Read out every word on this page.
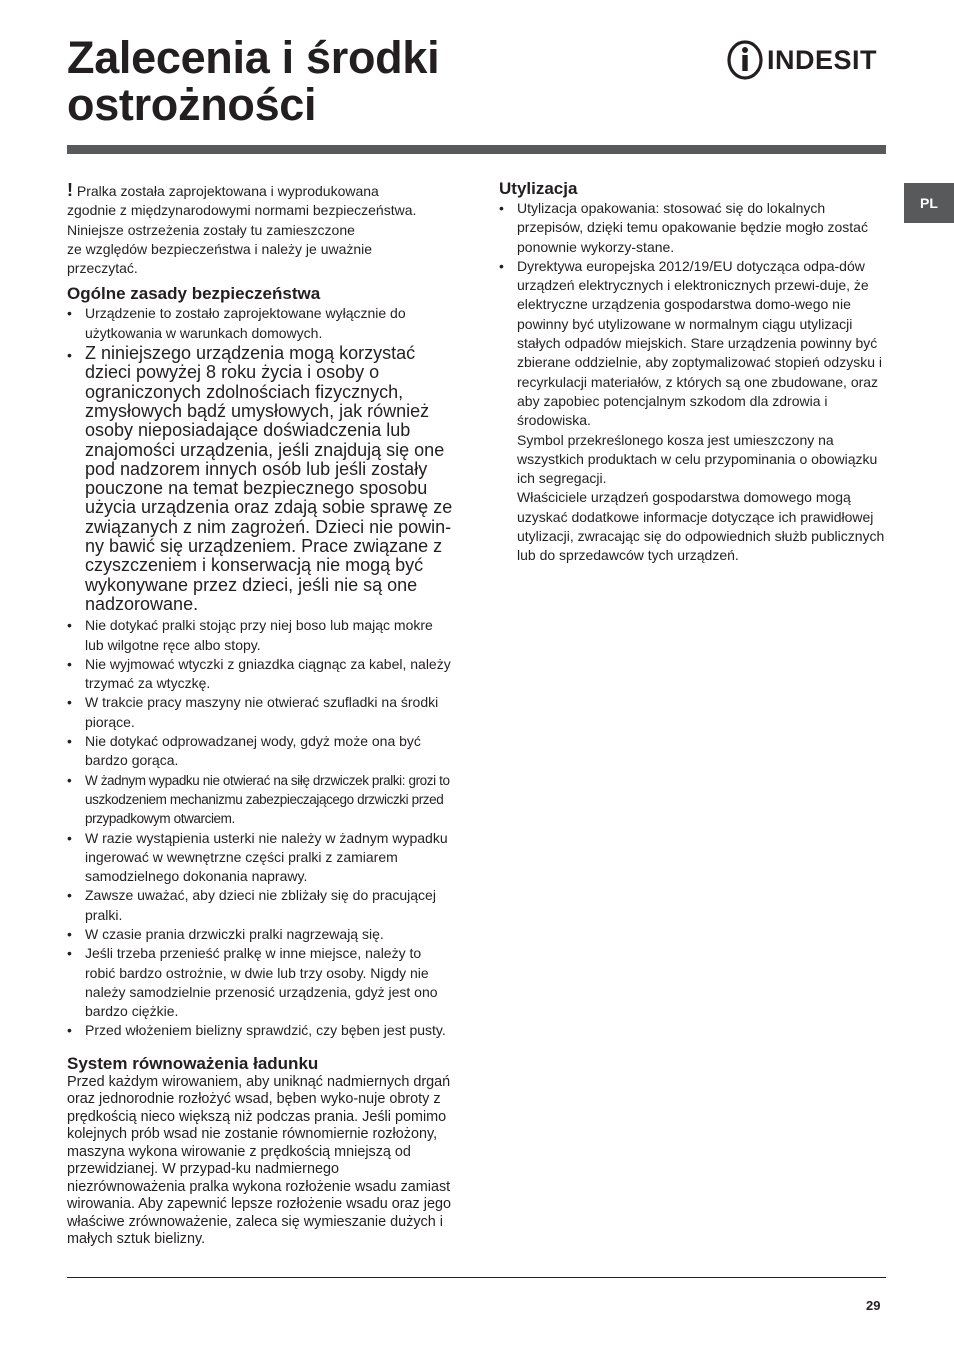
Zalecenia i środki
ostrożności
INDESIT
PL

! Pralka została zaprojektowana i wyprodukowana
zgodnie z międzynarodowymi normami bezpieczeństwa.
Niniejsze ostrzeżenia zostały tu zamieszczone
ze względów bezpieczeństwa i należy je uważnie
przeczytać.

Ogólne zasady bezpieczeństwa
• Urządzenie to zostało zaprojektowane wyłącznie do użytkowania w warunkach domowych.
• Z niniejszego urządzenia mogą korzystać dzieci powyżej 8 roku życia i osoby o ograniczonych zdolnościach fizycznych, zmysłowych bądź umysłowych, jak również osoby nieposiadające doświadczenia lub znajomości urządzenia, jeśli znajdują się one pod nadzorem innych osób lub jeśli zostały pouczone na temat bezpiecznego sposobu użycia urządzenia oraz zdają sobie sprawę ze związanych z nim zagrożeń. Dzieci nie powin-ny bawić się urządzeniem. Prace związane z czyszczeniem i konserwacją nie mogą być wykonywane przez dzieci, jeśli nie są one nadzorowane.
• Nie dotykać pralki stojąc przy niej boso lub mając mokre lub wilgotne ręce albo stopy.
• Nie wyjmować wtyczki z gniazdka ciągnąc za kabel, należy trzymać za wtyczkę.
• W trakcie pracy maszyny nie otwierać szufladki na środki piorące.
• Nie dotykać odprowadzanej wody, gdyż może ona być bardzo gorąca.
• W żadnym wypadku nie otwierać na siłę drzwiczek pralki: grozi to uszkodzeniem mechanizmu zabezpieczającego drzwiczki przed przypadkowym otwarciem.
• W razie wystąpienia usterki nie należy w żadnym wypadku ingerować w wewnętrzne części pralki z zamiarem samodzielnego dokonania naprawy.
• Zawsze uważać, aby dzieci nie zbliżały się do pracującej pralki.
• W czasie prania drzwiczki pralki nagrzewają się.
• Jeśli trzeba przenieść pralkę w inne miejsce, należy to robić bardzo ostrożnie, w dwie lub trzy osoby. Nigdy nie należy samodzielnie przenosić urządzenia, gdyż jest ono bardzo ciężkie.
• Przed włożeniem bielizny sprawdzić, czy bęben jest pusty.
System równoważenia ładunku

Przed każdym wirowaniem, aby uniknąć nadmiernych drgań oraz jednorodnie rozłożyć wsad, bęben wyko-nuje obroty z prędkością nieco większą niż podczas prania. Jeśli pomimo kolejnych prób wsad nie zostanie równomiernie rozłożony, maszyna wykona wirowanie z prędkością mniejszą od przewidzianej. W przypad-ku nadmiernego niezrównoważenia pralka wykona rozłożenie wsadu zamiast wirowania. Aby zapewnić lepsze rozłożenie wsadu oraz jego właściwe zrównoważenie, zaleca się wymieszanie dużych i małych sztuk bielizny.

Utylizacja
• Utylizacja opakowania: stosować się do lokalnych przepisów, dzięki temu opakowanie będzie mogło zostać ponownie wykorzy-stane.
• Dyrektywa europejska 2012/19/EU dotycząca odpa-dów urządzeń elektrycznych i elektronicznych przewi-duje, że elektryczne urządzenia gospodarstwa domo-wego nie powinny być utylizowane w normalnym ciągu utylizacji stałych odpadów miejskich. Stare urządzenia powinny być zbierane oddzielnie, aby zoptymalizować stopień odzysku i recyrkulacji materiałów, z których są one zbudowane, oraz aby zapobiec potencjalnym szkodom dla zdrowia i środowiska.
Symbol przekreślonego kosza jest umieszczony na wszystkich produktach w celu przypominania o obowiązku ich segregacji.
Właściciele urządzeń gospodarstwa domowego mogą uzyskać dodatkowe informacje dotyczące ich prawidłowej utylizacji, zwracając się do odpowiednich służb publicznych lub do sprzedawców tych urządzeń.
29
